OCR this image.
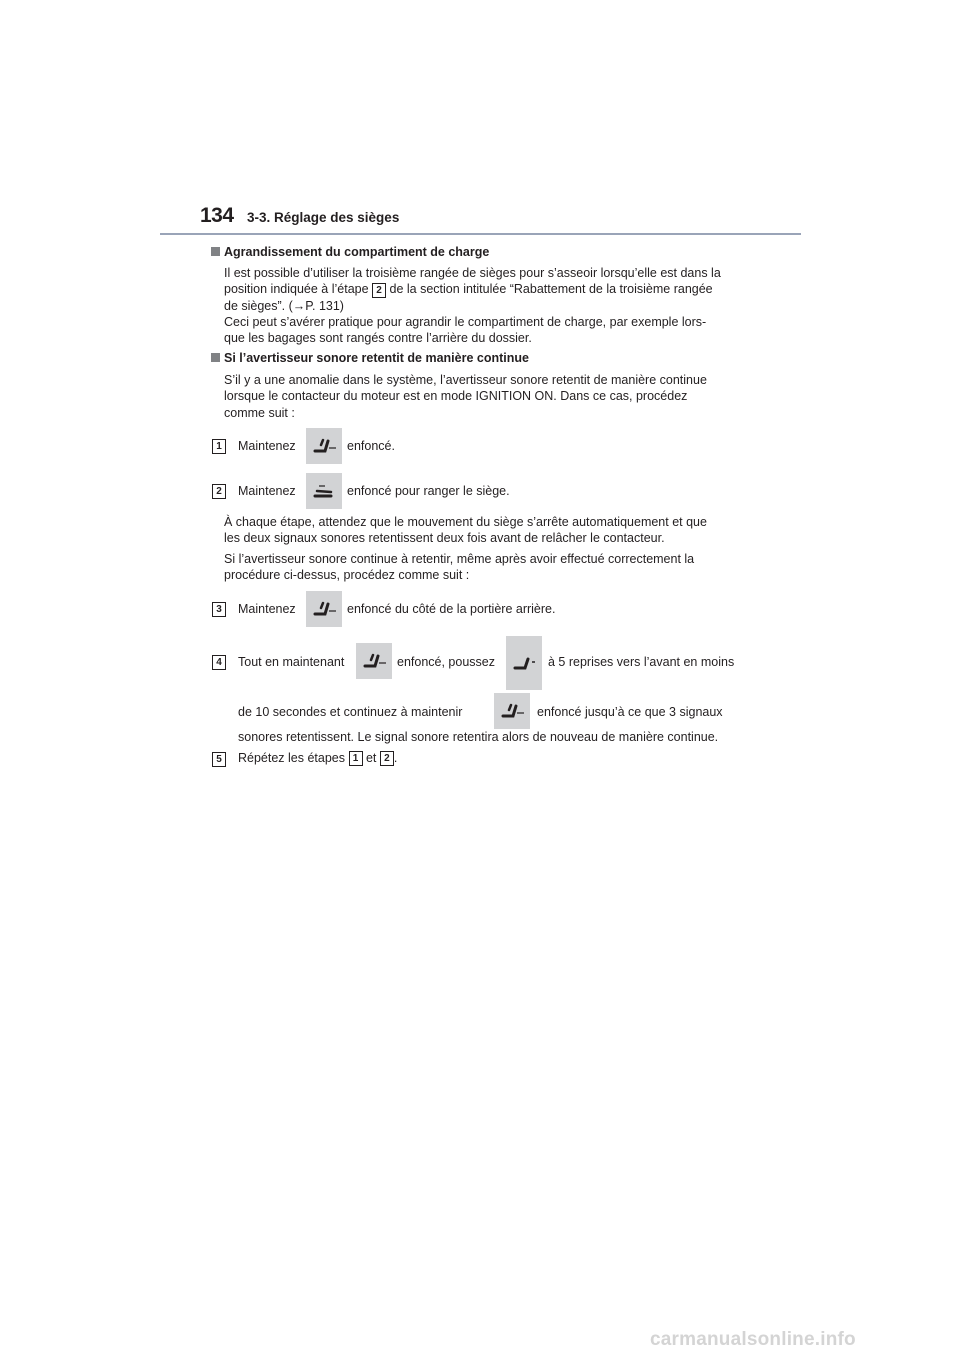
134 3-3. Réglage des sièges
Agrandissement du compartiment de charge
Il est possible d’utiliser la troisième rangée de sièges pour s’asseoir lorsqu’elle est dans la
position indiquée à l’étape 2 de la section intitulée “Rabattement de la troisième rangée
de sièges”. (→P. 131)
Ceci peut s’avérer pratique pour agrandir le compartiment de charge, par exemple lors-
que les bagages sont rangés contre l’arrière du dossier.
Si l’avertisseur sonore retentit de manière continue
S’il y a une anomalie dans le système, l’avertisseur sonore retentit de manière continue
lorsque le contacteur du moteur est en mode IGNITION ON. Dans ce cas, procédez
comme suit :
1	Maintenez	enfoncé.
2	Maintenez	enfoncé pour ranger le siège.
À chaque étape, attendez que le mouvement du siège s’arrête automatiquement et que
les deux signaux sonores retentissent deux fois avant de relâcher le contacteur.
Si l’avertisseur sonore continue à retentir, même après avoir effectué correctement la
procédure ci-dessus, procédez comme suit :
3	Maintenez	enfoncé du côté de la portière arrière.
4	Tout en maintenant	enfoncé, poussez	à 5 reprises vers l’avant en moins
de 10 secondes et continuez à maintenir	enfoncé jusqu’à ce que 3 signaux
sonores retentissent. Le signal sonore retentira alors de nouveau de manière continue.
5	Répétez les étapes 1 et 2 .
carmanualsonline.info
